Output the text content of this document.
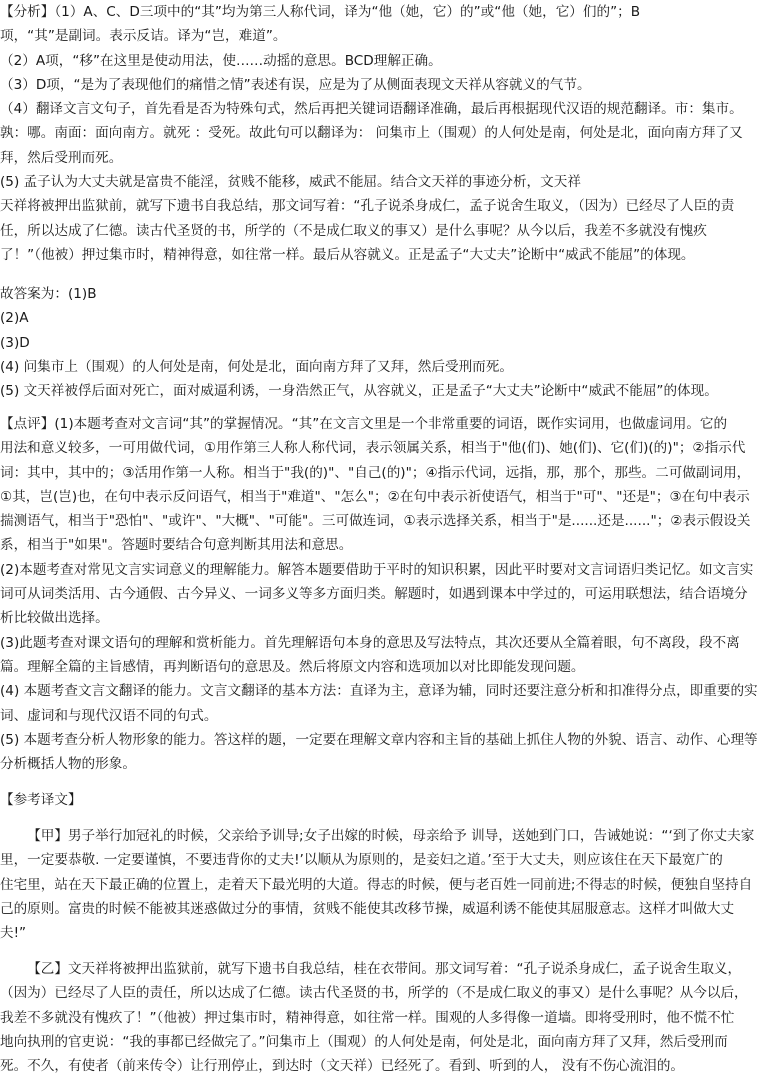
【分析】（1）A、C、D三项中的“其”均为第三人称代词，译为“他（她，它）的”或“他（她，它）们的”；B

项，“其”是副词。表示反诘。译为“岂，难道”。

（2）A项，“移”在这里是使动用法，使……动摇的意思。BCD理解正确。

（3）D项，“是为了表现他们的痛惜之情”表述有误，应是为了从侧面表现文天祥从容就义的气节。

（4）翻译文言文句子，首先看是否为特殊句式，然后再把关键词语翻译准确，最后再根据现代汉语的规范翻译。市：集市。

孰：哪。南面：面向南方。就死 ：受死。故此句可以翻译为： 问集市上（围观）的人何处是南，何处是北，面向南方拜了又

拜，然后受刑而死。

(5) 孟子认为大丈夫就是富贵不能淫，贫贱不能移，威武不能屈。结合文天祥的事迹分析，文天祥

天祥将被押出监狱前，就写下遗书自我总结，那文词写着：“孔子说杀身成仁，孟子说舍生取义，（因为）已经尽了人臣的责

任，所以达成了仁德。读古代圣贤的书，所学的（不是成仁取义的事又）是什么事呢？从今以后，我差不多就没有愧疚

了！”（他被）押过集市时，精神得意，如往常一样。最后从容就义。正是孟子“大丈夫”论断中“威武不能屈”的体现。

故答案为：(1)B

(2)A

(3)D

(4) 问集市上（围观）的人何处是南，何处是北，面向南方拜了又拜，然后受刑而死。

(5) 文天祥被俘后面对死亡，面对威逼利诱，一身浩然正气，从容就义，正是孟子“大丈夫”论断中“威武不能屈”的体现。

【点评】(1)本题考查对文言词“其”的掌握情况。“其”在文言文里是一个非常重要的词语，既作实词用，也做虚词用。它的

用法和意义较多，一可用做代词，①用作第三人称人称代词，表示领属关系，相当于"他(们)、她(们)、它(们)(的)"；②指示代

词：其中，其中的；③活用作第一人称。相当于"我(的)"、"自己(的)"；④指示代词，远指，那，那个，那些。二可做副词用，

①其，岂(岂)也，在句中表示反问语气，相当于"难道"、"怎么"；②在句中表示祈使语气，相当于"可"、"还是"；③在句中表示

揣测语气，相当于"恐怕"、"或许"、"大概"、"可能"。三可做连词，①表示选择关系，相当于"是......还是......"；②表示假设关

系，相当于"如果"。答题时要结合句意判断其用法和意思。

(2)本题考查对常见文言实词意义的理解能力。解答本题要借助于平时的知识积累，因此平时要对文言词语归类记忆。如文言实

词可从词类活用、古今通假、古今异义、一词多义等多方面归类。解题时，如遇到课本中学过的，可运用联想法，结合语境分

析比较做出选择。

(3)此题考查对课文语句的理解和赏析能力。首先理解语句本身的意思及写法特点，其次还要从全篇着眼，句不离段，段不离

篇。理解全篇的主旨感情，再判断语句的意思及。然后将原文内容和选项加以对比即能发现问题。

(4) 本题考查文言文翻译的能力。文言文翻译的基本方法：直译为主，意译为辅，同时还要注意分析和扣准得分点，即重要的实

词、虚词和与现代汉语不同的句式。

(5) 本题考查分析人物形象的能力。答这样的题，一定要在理解文章内容和主旨的基础上抓住人物的外貌、语言、动作、心理等

分析概括人物的形象。

【参考译文】

【甲】男子举行加冠礼的时候，父亲给予训导;女子出嫁的时候，母亲给予 训导，送她到门口，告诫她说：“‘到了你丈夫家

里，一定要恭敬. 一定要谨慎，不要违背你的丈夫!’以顺从为原则的，是妾妇之道。’至于大丈夫，则应该住在天下最宽广的

住宅里，站在天下最正确的位置上，走着天下最光明的大道。得志的时候，便与老百姓一同前进;不得志的时候，便独自坚持自

己的原则。富贵的时候不能被其迷惑做过分的事情，贫贱不能使其改移节操，威逼利诱不能使其屈服意志。这样才叫做大丈

夫!”

【乙】文天祥将被押出监狱前，就写下遗书自我总结，桂在衣带间。那文词写着：“孔子说杀身成仁，孟子说舍生取义，

（因为）已经尽了人臣的责任，所以达成了仁德。读古代圣贤的书，所学的（不是成仁取义的事又）是什么事呢？从今以后，

我差不多就没有愧疚了！”（他被）押过集市时，精神得意，如往常一样。围观的人多得像一道墙。即将受刑时，他不慌不忙

地向执刑的官吏说：“我的事都已经做完了。”问集市上（围观）的人何处是南，何处是北，面向南方拜了又拜，然后受刑而

死。不久，有使者（前来传令）让行刑停止，到达时（文天祥）已经死了。看到、听到的人， 没有不伤心流泪的。
